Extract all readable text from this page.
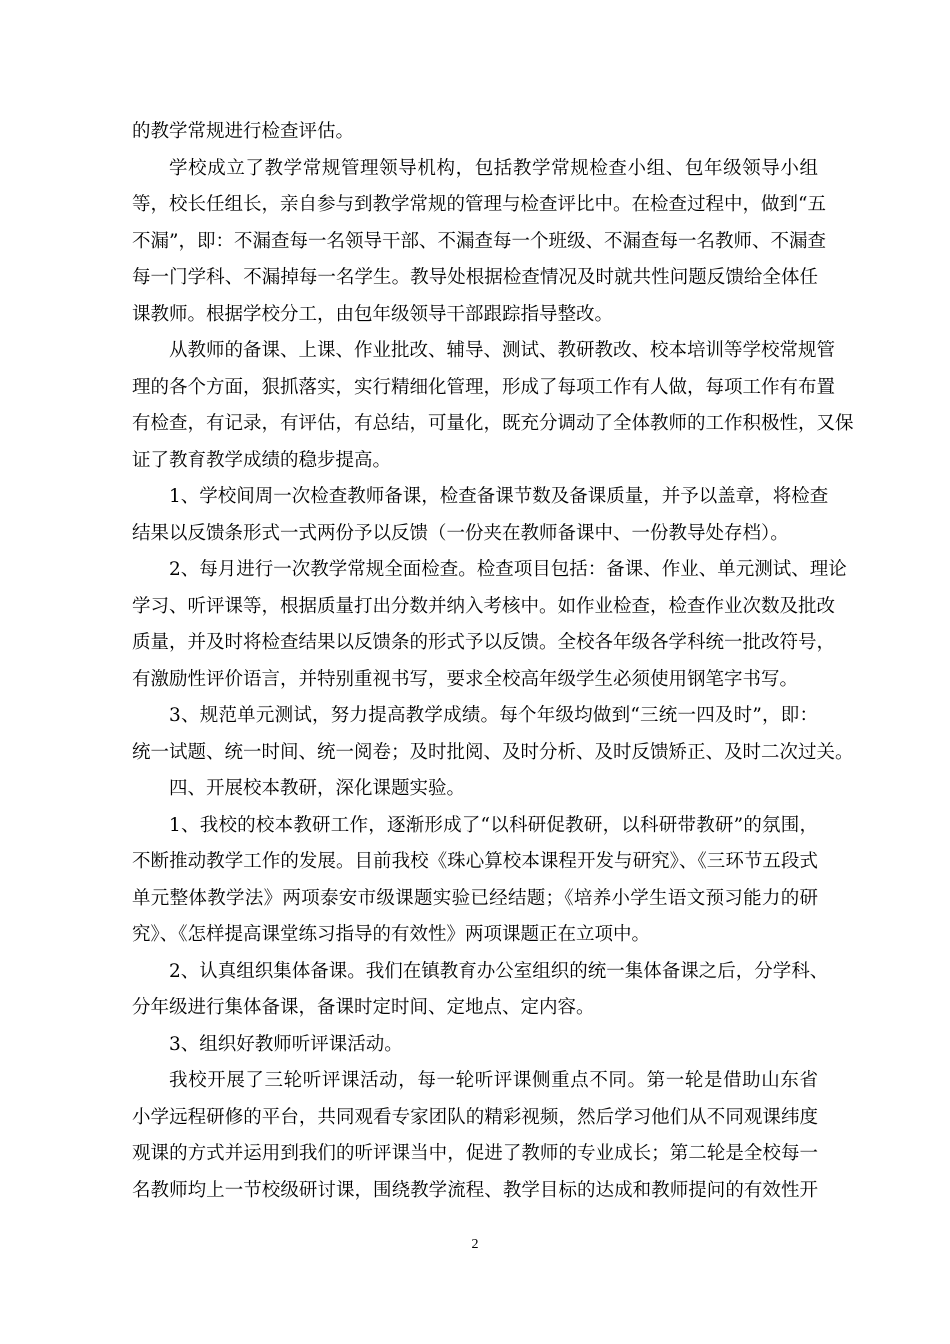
的教学常规进行检查评估。
学校成立了教学常规管理领导机构，包括教学常规检查小组、包年级领导小组
等，校长任组长，亲自参与到教学常规的管理与检查评比中。在检查过程中，做到“五
不漏”，即：不漏查每一名领导干部、不漏查每一个班级、不漏查每一名教师、不漏查
每一门学科、不漏掉每一名学生。教导处根据检查情况及时就共性问题反馈给全体任
课教师。根据学校分工，由包年级领导干部跟踪指导整改。
从教师的备课、上课、作业批改、辅导、测试、教研教改、校本培训等学校常规管
理的各个方面，狠抓落实，实行精细化管理，形成了每项工作有人做，每项工作有布置
有检查，有记录，有评估，有总结，可量化，既充分调动了全体教师的工作积极性，又保
证了教育教学成绩的稳步提高。
1、学校间周一次检查教师备课，检查备课节数及备课质量，并予以盖章，将检查
结果以反馈条形式一式两份予以反馈（一份夹在教师备课中、一份教导处存档）。
2、每月进行一次教学常规全面检查。检查项目包括：备课、作业、单元测试、理论
学习、听评课等，根据质量打出分数并纳入考核中。如作业检查，检查作业次数及批改
质量，并及时将检查结果以反馈条的形式予以反馈。全校各年级各学科统一批改符号，
有激励性评价语言，并特别重视书写，要求全校高年级学生必须使用钢笔字书写。
3、规范单元测试，努力提高教学成绩。每个年级均做到“三统一四及时”，即：
统一试题、统一时间、统一阅卷；及时批阅、及时分析、及时反馈矫正、及时二次过关。
四、开展校本教研，深化课题实验。
1、我校的校本教研工作，逐渐形成了“以科研促教研，以科研带教研”的氛围，
不断推动教学工作的发展。目前我校《珠心算校本课程开发与研究》、《三环节五段式
单元整体教学法》两项泰安市级课题实验已经结题；《培养小学生语文预习能力的研
究》、《怎样提高课堂练习指导的有效性》两项课题正在立项中。
2、认真组织集体备课。我们在镇教育办公室组织的统一集体备课之后，分学科、
分年级进行集体备课，备课时定时间、定地点、定内容。
3、组织好教师听评课活动。
我校开展了三轮听评课活动，每一轮听评课侧重点不同。第一轮是借助山东省
小学远程研修的平台，共同观看专家团队的精彩视频，然后学习他们从不同观课纬度
观课的方式并运用到我们的听评课当中，促进了教师的专业成长；第二轮是全校每一
名教师均上一节校级研讨课，围绕教学流程、教学目标的达成和教师提问的有效性开
2
